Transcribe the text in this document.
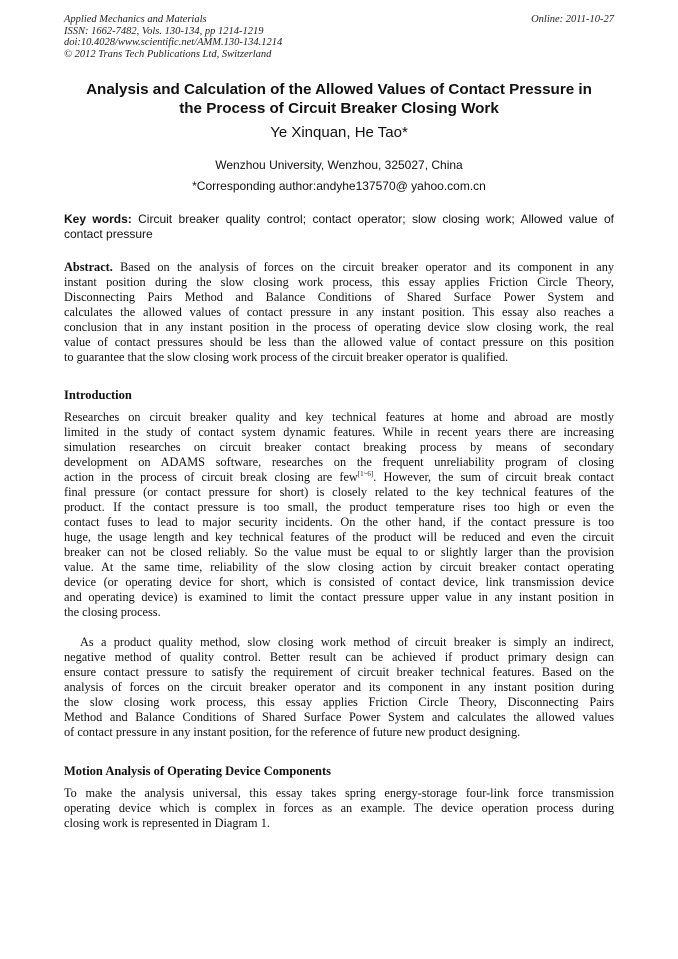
Applied Mechanics and Materials
ISSN: 1662-7482, Vols. 130-134, pp 1214-1219
doi:10.4028/www.scientific.net/AMM.130-134.1214
© 2012 Trans Tech Publications Ltd, Switzerland
Online: 2011-10-27
Analysis and Calculation of the Allowed Values of Contact Pressure in
the Process of Circuit Breaker Closing Work
Ye Xinquan, He Tao*
Wenzhou University, Wenzhou, 325027, China
*Corresponding author:andyhe137570@ yahoo.com.cn
Key words: Circuit breaker quality control; contact operator; slow closing work; Allowed value of
contact pressure
Abstract. Based on the analysis of forces on the circuit breaker operator and its component in any
instant position during the slow closing work process, this essay applies Friction Circle Theory,
Disconnecting Pairs Method and Balance Conditions of Shared Surface Power System and
calculates the allowed values of contact pressure in any instant position. This essay also reaches a
conclusion that in any instant position in the process of operating device slow closing work, the real
value of contact pressures should be less than the allowed value of contact pressure on this position
to guarantee that the slow closing work process of the circuit breaker operator is qualified.
Introduction
Researches on circuit breaker quality and key technical features at home and abroad are mostly
limited in the study of contact system dynamic features. While in recent years there are increasing
simulation researches on circuit breaker contact breaking process by means of secondary
development on ADAMS software, researches on the frequent unreliability program of closing
action in the process of circuit break closing are few[1~6]. However, the sum of circuit break contact
final pressure (or contact pressure for short) is closely related to the key technical features of the
product. If the contact pressure is too small, the product temperature rises too high or even the
contact fuses to lead to major security incidents. On the other hand, if the contact pressure is too
huge, the usage length and key technical features of the product will be reduced and even the circuit
breaker can not be closed reliably. So the value must be equal to or slightly larger than the provision
value. At the same time, reliability of the slow closing action by circuit breaker contact operating
device (or operating device for short, which is consisted of contact device, link transmission device
and operating device) is examined to limit the contact pressure upper value in any instant position in
the closing process.
As a product quality method, slow closing work method of circuit breaker is simply an indirect,
negative method of quality control. Better result can be achieved if product primary design can
ensure contact pressure to satisfy the requirement of circuit breaker technical features. Based on the
analysis of forces on the circuit breaker operator and its component in any instant position during
the slow closing work process, this essay applies Friction Circle Theory, Disconnecting Pairs
Method and Balance Conditions of Shared Surface Power System and calculates the allowed values
of contact pressure in any instant position, for the reference of future new product designing.
Motion Analysis of Operating Device Components
To make the analysis universal, this essay takes spring energy-storage four-link force transmission
operating device which is complex in forces as an example. The device operation process during
closing work is represented in Diagram 1.
